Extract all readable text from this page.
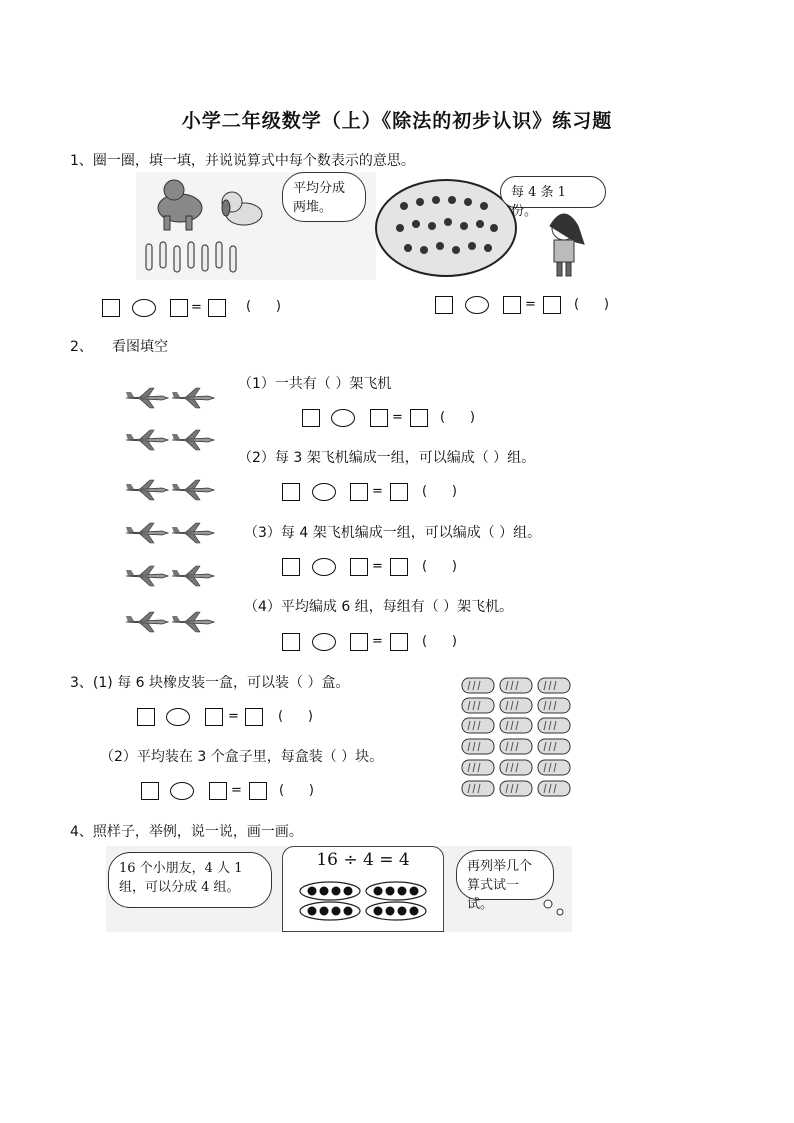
小学二年级数学（上）《除法的初步认识》练习题
1、圈一圈，填一填，并说说算式中每个数表示的意思。
平均分成两堆。
每 4 条 1 份。
=	(      )	=	(      )
2、 看图填空
（1）一共有（ ）架飞机
=	(      )
（2）每 3 架飞机编成一组，可以编成（ ）组。
=	(      )
（3）每 4 架飞机编成一组，可以编成（ ）组。
=	(      )
（4）平均编成 6 组，每组有（ ）架飞机。
=	(      )
3、(1) 每 6 块橡皮装一盒，可以装（ ）盒。
=	(      )
（2）平均装在 3 个盒子里，每盒装（ ）块。
=	(      )
4、照样子，举例，说一说，画一画。
16 个小朋友，4 人 1 组，可以分成 4 组。
16 ÷ 4 = 4	再列举几个算式试一试。
